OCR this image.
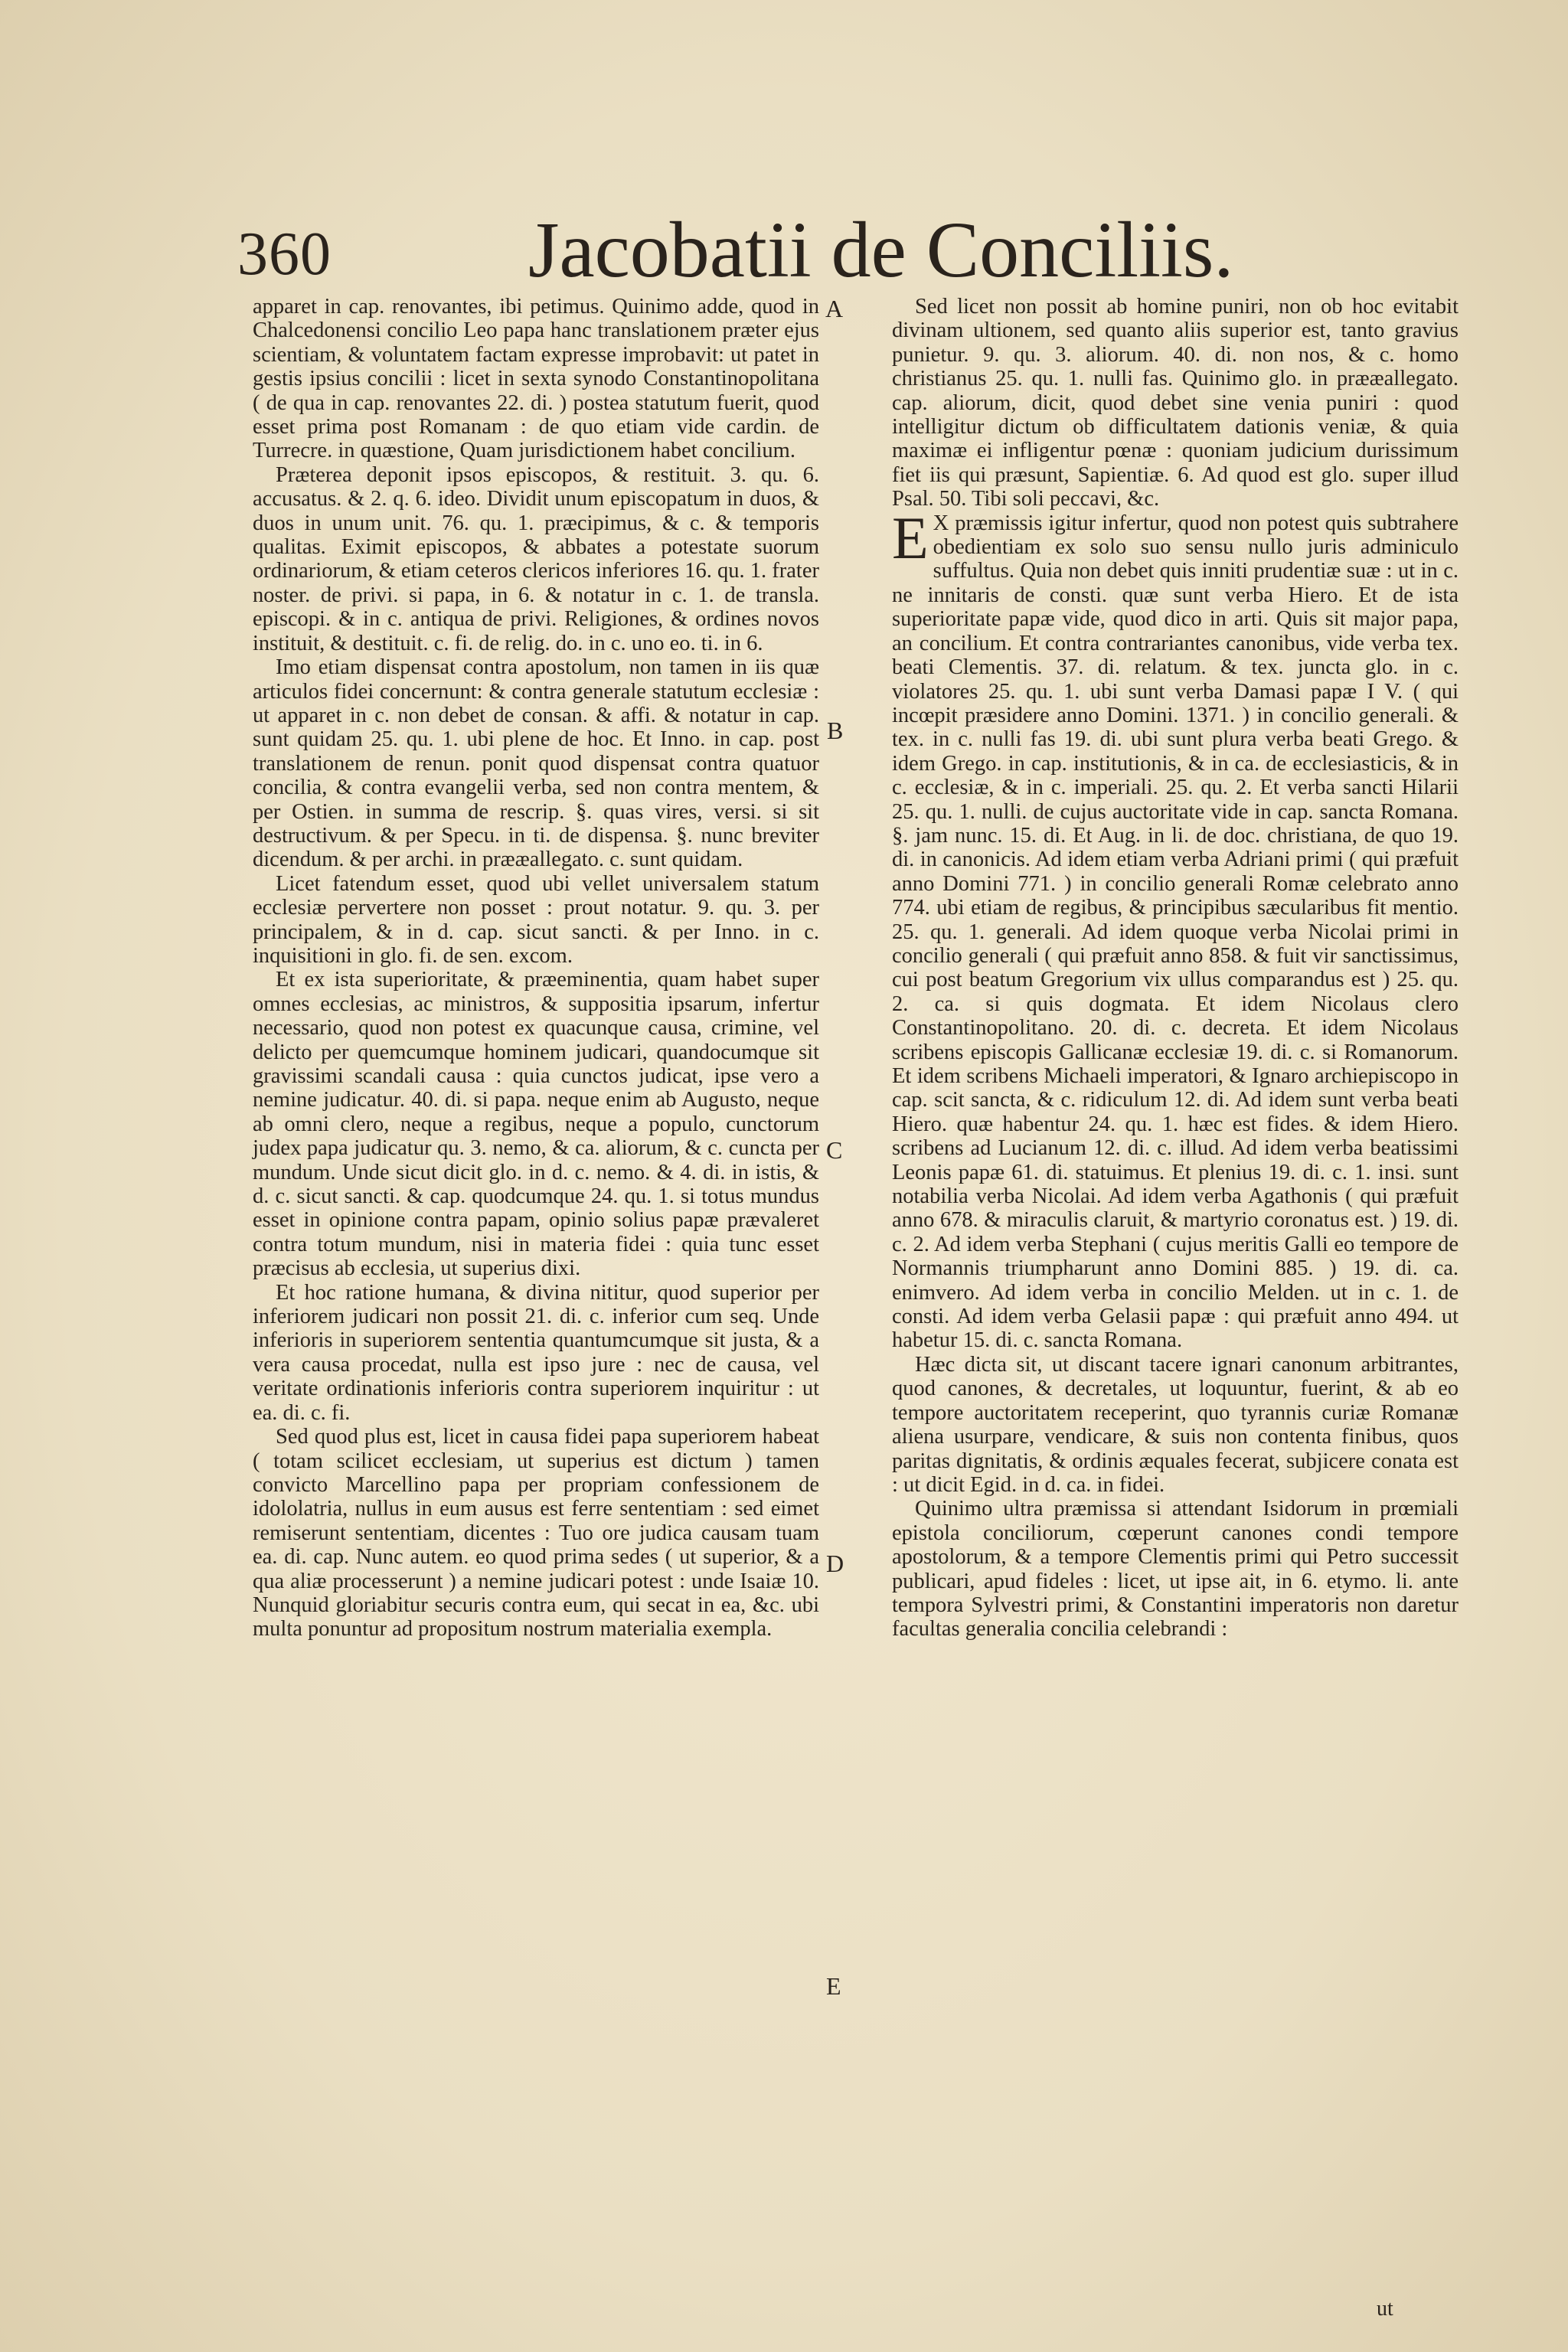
360 Jacobatii de Conciliis.

apparet in cap. renovantes, ibi petimus. Quinimo adde, quod in Chalcedonensi concilio Leo papa hanc translationem præter ejus scientiam, & voluntatem factam expresse improbavit: ut patet in gestis ipsius concilii : licet in sexta synodo Constantinopolitana ( de qua in cap. renovantes 22. di. ) postea statutum fuerit, quod esset prima post Romanam : de quo etiam vide cardin. de Turrecre. in quæstione, Quam jurisdictionem habet concilium.

Præterea deponit ipsos episcopos, & restituit. 3. qu. 6. accusatus. & 2. q. 6. ideo. Dividit unum episcopatum in duos, & duos in unum unit. 76. qu. 1. præcipimus, & c. & temporis qualitas. Eximit episcopos, & abbates a potestate suorum ordinariorum, & etiam ceteros clericos inferiores 16. qu. 1. frater noster. de privi. si papa, in 6. & notatur in c. 1. de transla. episcopi. & in c. antiqua de privi. Religiones, & ordines novos instituit, & destituit. c. fi. de relig. do. in c. uno eo. ti. in 6.

Imo etiam dispensat contra apostolum, non tamen in iis quæ articulos fidei concernunt: & contra generale statutum ecclesiæ : ut apparet in c. non debet de consan. & affi. & notatur in cap. sunt quidam 25. qu. 1. ubi plene de hoc. Et Inno. in cap. post translationem de renun. ponit quod dispensat contra quatuor concilia, & contra evangelii verba, sed non contra mentem, & per Ostien. in summa de rescrip. §. quas vires, versi. si sit destructivum. & per Specu. in ti. de dispensa. §. nunc breviter dicendum. & per archi. in prææallegato. c. sunt quidam.

Licet fatendum esset, quod ubi vellet universalem statum ecclesiæ pervertere non posset : prout notatur. 9. qu. 3. per principalem, & in d. cap. sicut sancti. & per Inno. in c. inquisitioni in glo. fi. de sen. excom.

Et ex ista superioritate, & præeminentia, quam habet super omnes ecclesias, ac ministros, & suppositia ipsarum, infertur necessario, quod non potest ex quacunque causa, crimine, vel delicto per quemcumque hominem judicari, quandocumque sit gravissimi scandali causa : quia cunctos judicat, ipse vero a nemine judicatur. 40. di. si papa. neque enim ab Augusto, neque ab omni clero, neque a regibus, neque a populo, cunctorum judex papa judicatur qu. 3. nemo, & ca. aliorum, & c. cuncta per mundum. Unde sicut dicit glo. in d. c. nemo. & 4. di. in istis, & d. c. sicut sancti. & cap. quodcumque 24. qu. 1. si totus mundus esset in opinione contra papam, opinio solius papæ prævaleret contra totum mundum, nisi in materia fidei : quia tunc esset præcisus ab ecclesia, ut superius dixi.

Et hoc ratione humana, & divina nititur, quod superior per inferiorem judicari non possit 21. di. c. inferior cum seq. Unde inferioris in superiorem sententia quantumcumque sit justa, & a vera causa procedat, nulla est ipso jure : nec de causa, vel veritate ordinationis inferioris contra superiorem inquiritur : ut ea. di. c. fi.

Sed quod plus est, licet in causa fidei papa superiorem habeat ( totam scilicet ecclesiam, ut superius est dictum ) tamen convicto Marcellino papa per propriam confessionem de idololatria, nullus in eum ausus est ferre sententiam : sed eimet remiserunt sententiam, dicentes : Tuo ore judica causam tuam ea. di. cap. Nunc autem. eo quod prima sedes ( ut superior, & a qua aliæ processerunt ) a nemine judicari potest : unde Isaiæ 10. Nunquid gloriabitur securis contra eum, qui secat in ea, &c. ubi multa ponuntur ad propositum nostrum materialia exempla.

A
B
C
D
E

Sed licet non possit ab homine puniri, non ob hoc evitabit divinam ultionem, sed quanto aliis superior est, tanto gravius punietur. 9. qu. 3. aliorum. 40. di. non nos, & c. homo christianus 25. qu. 1. nulli fas. Quinimo glo. in prææallegato. cap. aliorum, dicit, quod debet sine venia puniri : quod intelligitur dictum ob difficultatem dationis veniæ, & quia maximæ ei infligentur pœnæ : quoniam judicium durissimum fiet iis qui præsunt, Sapientiæ. 6. Ad quod est glo. super illud Psal. 50. Tibi soli peccavi, &c.

E X præmissis igitur infertur, quod non potest quis subtrahere obedientiam ex solo suo sensu nullo juris adminiculo suffultus. Quia non debet quis inniti prudentiæ suæ : ut in c. ne innitaris de consti. quæ sunt verba Hiero. Et de ista superioritate papæ vide, quod dico in arti. Quis sit major papa, an concilium. Et contra contrariantes canonibus, vide verba tex. beati Clementis. 37. di. relatum. & tex. juncta glo. in c. violatores 25. qu. 1. ubi sunt verba Damasi papæ I V. ( qui incœpit præsidere anno Domini. 1371. ) in concilio generali. & tex. in c. nulli fas 19. di. ubi sunt plura verba beati Grego. & idem Grego. in cap. institutionis, & in ca. de ecclesiasticis, & in c. ecclesiæ, & in c. imperiali. 25. qu. 2. Et verba sancti Hilarii 25. qu. 1. nulli. de cujus auctoritate vide in cap. sancta Romana. §. jam nunc. 15. di. Et Aug. in li. de doc. christiana, de quo 19. di. in canonicis. Ad idem etiam verba Adriani primi ( qui præfuit anno Domini 771. ) in concilio generali Romæ celebrato anno 774. ubi etiam de regibus, & principibus sæcularibus fit mentio. 25. qu. 1. generali. Ad idem quoque verba Nicolai primi in concilio generali ( qui præfuit anno 858. & fuit vir sanctissimus, cui post beatum Gregorium vix ullus comparandus est ) 25. qu. 2. ca. si quis dogmata. Et idem Nicolaus clero Constantinopolitano. 20. di. c. decreta. Et idem Nicolaus scribens episcopis Gallicanæ ecclesiæ 19. di. c. si Romanorum. Et idem scribens Michaeli imperatori, & Ignaro archiepiscopo in cap. scit sancta, & c. ridiculum 12. di. Ad idem sunt verba beati Hiero. quæ habentur 24. qu. 1. hæc est fides. & idem Hiero. scribens ad Lucianum 12. di. c. illud. Ad idem verba beatissimi Leonis papæ 61. di. statuimus. Et plenius 19. di. c. 1. insi. sunt notabilia verba Nicolai. Ad idem verba Agathonis ( qui præfuit anno 678. & miraculis claruit, & martyrio coronatus est. ) 19. di. c. 2. Ad idem verba Stephani ( cujus meritis Galli eo tempore de Normannis triumpharunt anno Domini 885. ) 19. di. ca. enimvero. Ad idem verba in concilio Melden. ut in c. 1. de consti. Ad idem verba Gelasii papæ : qui præfuit anno 494. ut habetur 15. di. c. sancta Romana.

Hæc dicta sit, ut discant tacere ignari canonum arbitrantes, quod canones, & decretales, ut loquuntur, fuerint, & ab eo tempore auctoritatem receperint, quo tyrannis curiæ Romanæ aliena usurpare, vendicare, & suis non contenta finibus, quos paritas dignitatis, & ordinis æquales fecerat, subjicere conata est : ut dicit Egid. in d. ca. in fidei.

Quinimo ultra præmissa si attendant Isidorum in prœmiali epistola conciliorum, cœperunt canones condi tempore apostolorum, & a tempore Clementis primi qui Petro successit publicari, apud fideles : licet, ut ipse ait, in 6. etymo. li. ante tempora Sylvestri primi, & Constantini imperatoris non daretur facultas generalia concilia celebrandi :

ut
